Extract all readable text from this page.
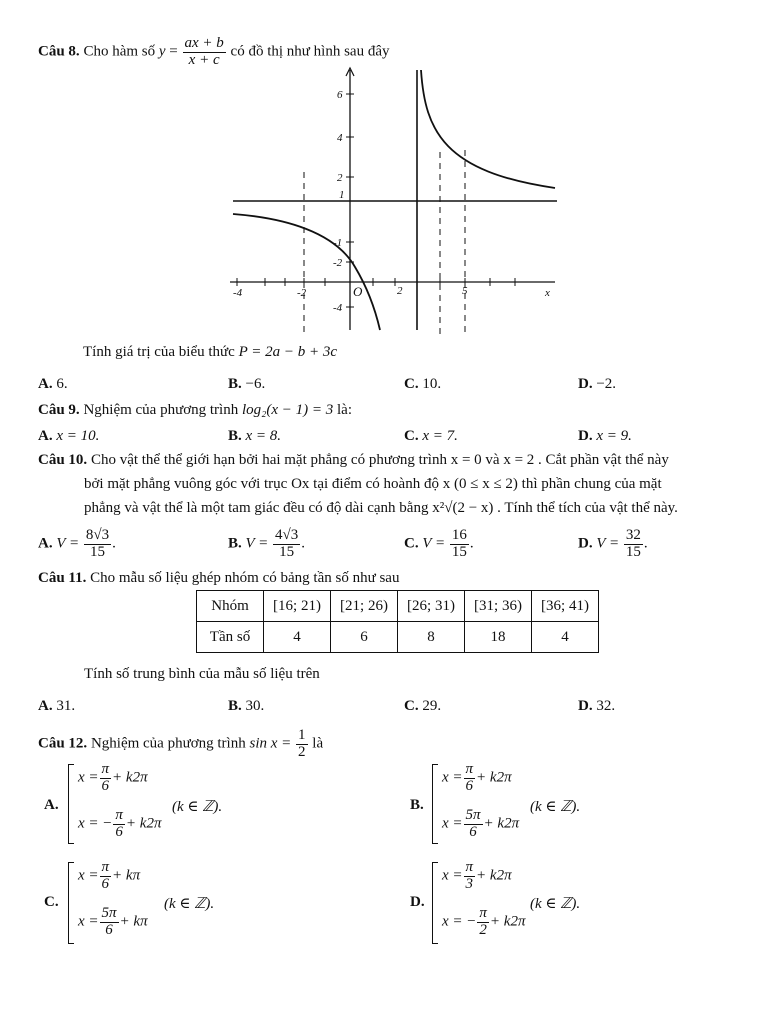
Câu 8. Cho hàm số $y = \frac{ax + b}{x + c}$ có đồ thị như hình sau đây
-4	-2	O	2	5	x
6
4
2
1
-1
-2
-4
Tính giá trị của biểu thức P = 2a − b + 3c
A. 6.	B. −6.	C. 10.	D. −2.
Câu 9. Nghiệm của phương trình log₂(x − 1) = 3 là:
A. x = 10.	B. x = 8.	C. x = 7.	D. x = 9.
Câu 10. Cho vật thể thể giới hạn bởi hai mặt phẳng có phương trình x = 0 và x = 2 . Cắt phần vật thể này
bởi mặt phẳng vuông góc với trục Ox tại điểm có hoành độ x (0 ≤ x ≤ 2) thì phần chung của mặt
phẳng và vật thể là một tam giác đều có độ dài cạnh bằng x²√(2 − x) . Tính thể tích của vật thể này.
A. $V = \frac{8√3}{15}$ .	B. $V = \frac{4√3}{15}$ .	C. $V = \frac{16}{15}$ .	D. $V = \frac{32}{15}$ .
Câu 11. Cho mẫu số liệu ghép nhóm có bảng tần số như sau
Nhóm	[16; 21)	[21; 26)	[26; 31)	[31; 36)	[36; 41)
Tần số	4	6	8	18	4
Tính số trung bình của mẫu số liệu trên
A. 31.	B. 30.	C. 29.	D. 32.
Câu 12. Nghiệm của phương trình $\sin x = \frac{1}{2}$ là
A.
$x = \frac{\pi}{6} + k2\pi$
x = − $\frac{\pi}{6} + k2\pi$
(k ∈ ℤ).	B.
$x = \frac{\pi}{6} + k2\pi$
$x = \frac{5\pi}{6} + k2\pi$
(k ∈ ℤ).
C.
$x = \frac{\pi}{6} + k\pi$
$x = \frac{5\pi}{6} + k\pi$
(k ∈ ℤ).	D.
$x = \frac{\pi}{3} + k2\pi$
x = − $\frac{\pi}{2} + k2\pi$
(k ∈ ℤ).
